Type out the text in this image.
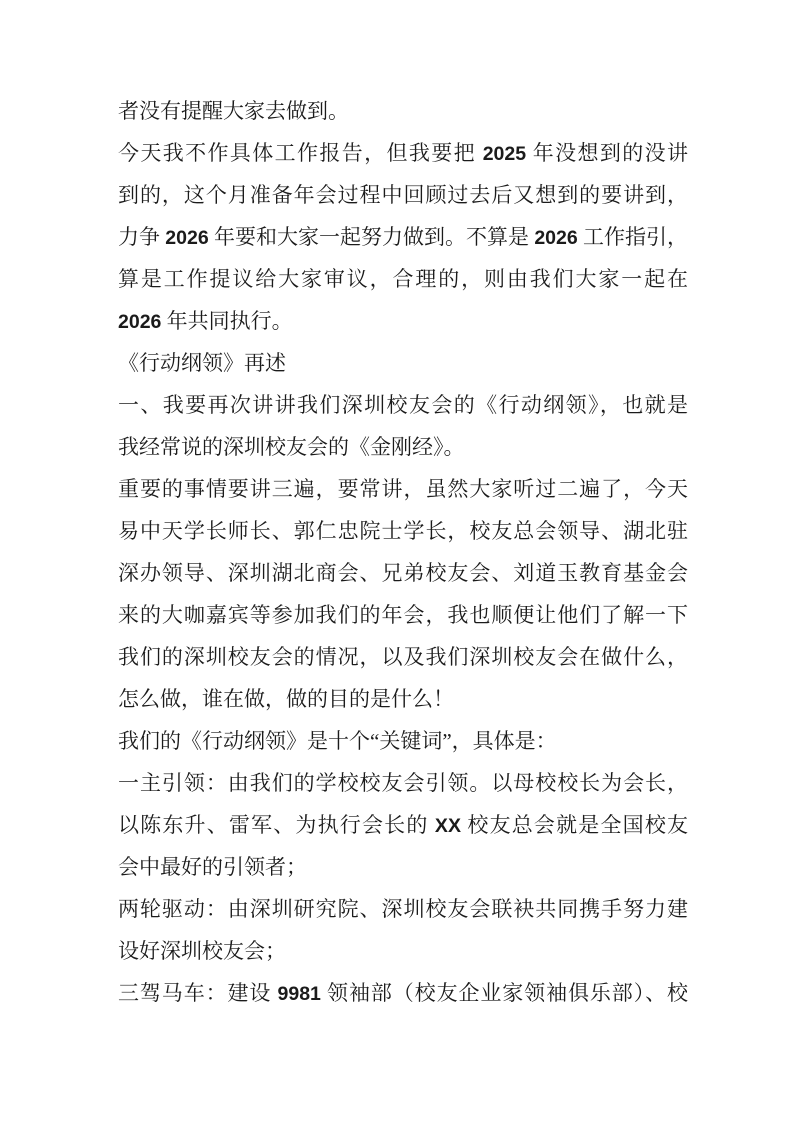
者没有提醒大家去做到。
今天我不作具体工作报告，但我要把 2025 年没想到的没讲
到的，这个月准备年会过程中回顾过去后又想到的要讲到，
力争 2026 年要和大家一起努力做到。不算是 2026 工作指引，
算是工作提议给大家审议，合理的，则由我们大家一起在
2026 年共同执行。
《行动纲领》再述
一、我要再次讲讲我们深圳校友会的《行动纲领》，也就是
我经常说的深圳校友会的《金刚经》。
重要的事情要讲三遍，要常讲，虽然大家听过二遍了，今天
易中天学长师长、郭仁忠院士学长，校友总会领导、湖北驻
深办领导、深圳湖北商会、兄弟校友会、刘道玉教育基金会
来的大咖嘉宾等参加我们的年会，我也顺便让他们了解一下
我们的深圳校友会的情况，以及我们深圳校友会在做什么，
怎么做，谁在做，做的目的是什么！
我们的《行动纲领》是十个“关键词”，具体是：
一主引领：由我们的学校校友会引领。以母校校长为会长，
以陈东升、雷军、为执行会长的 XX 校友总会就是全国校友
会中最好的引领者；
两轮驱动：由深圳研究院、深圳校友会联袂共同携手努力建
设好深圳校友会；
三驾马车：建设 9981 领袖部（校友企业家领袖俱乐部）、校
